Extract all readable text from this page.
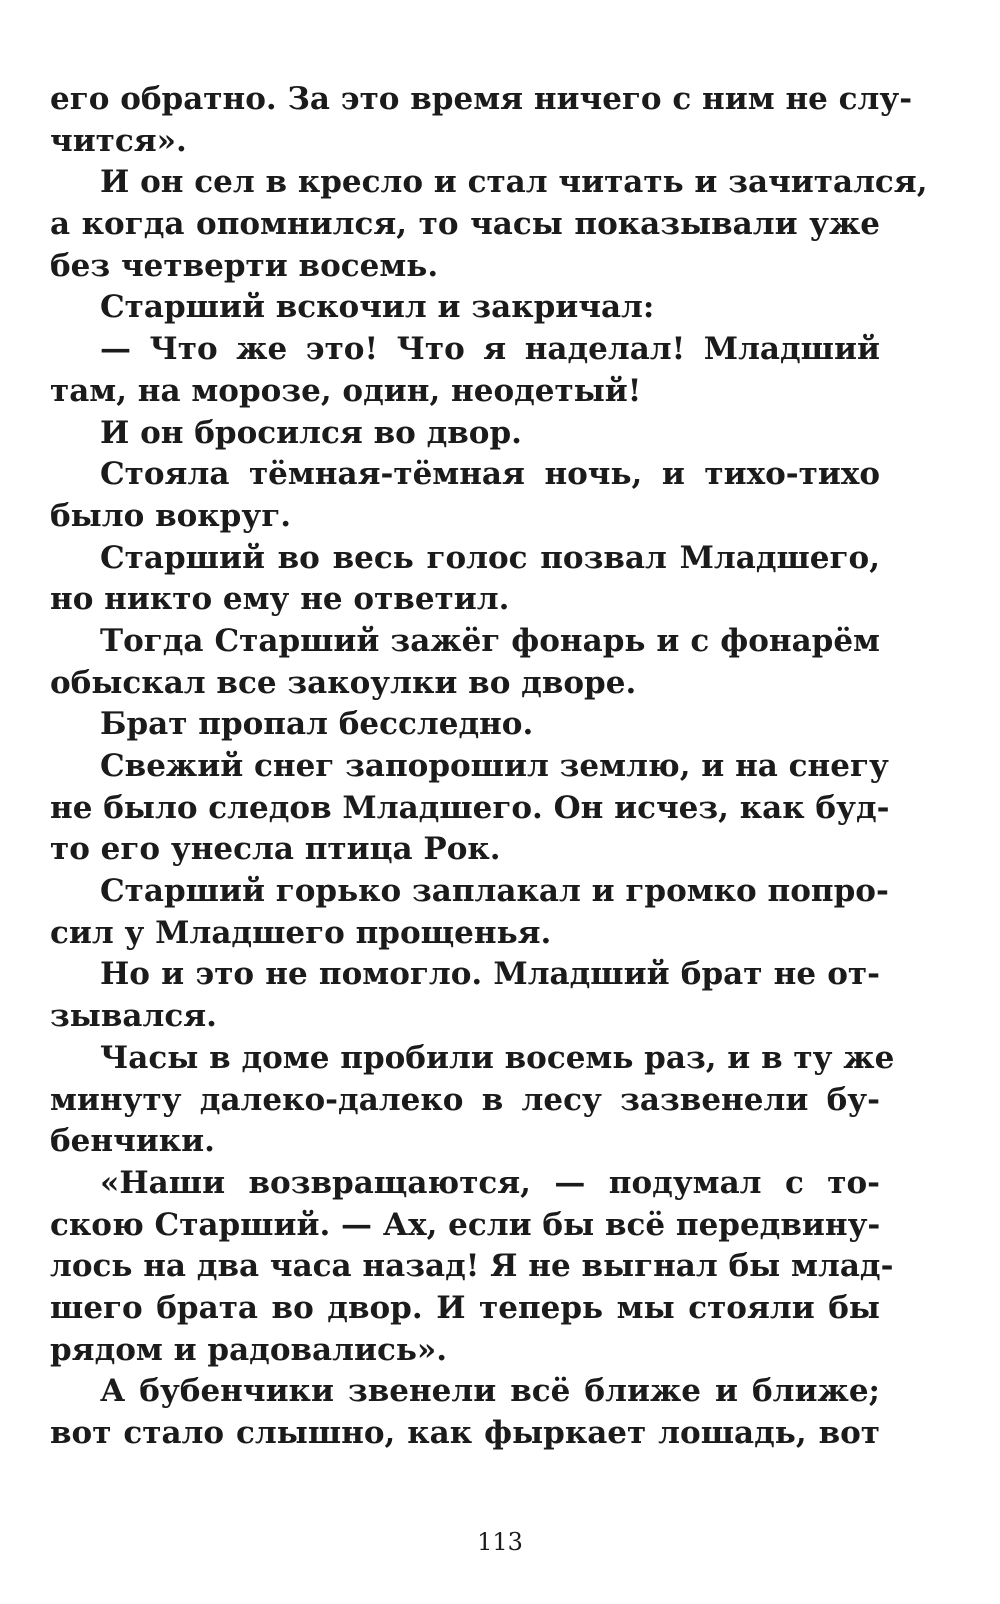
его обратно. За это время ничего с ним не слу-
чится».
И он сел в кресло и стал читать и зачитался,
а когда опомнился, то часы показывали уже
без четверти восемь.
Старший вскочил и закричал:
— Что же это! Что я наделал! Младший
там, на морозе, один, неодетый!
И он бросился во двор.
Стояла тёмная-тёмная ночь, и тихо-тихо
было вокруг.
Старший во весь голос позвал Младшего,
но никто ему не ответил.
Тогда Старший зажёг фонарь и с фонарём
обыскал все закоулки во дворе.
Брат пропал бесследно.
Свежий снег запорошил землю, и на снегу
не было следов Младшего. Он исчез, как буд-
то его унесла птица Рок.
Старший горько заплакал и громко попро-
сил у Младшего прощенья.
Но и это не помогло. Младший брат не от-
зывался.
Часы в доме пробили восемь раз, и в ту же
минуту далеко-далеко в лесу зазвенели бу-
бенчики.
«Наши возвращаются, — подумал с то-
скою Старший. — Ах, если бы всё передвину-
лось на два часа назад! Я не выгнал бы млад-
шего брата во двор. И теперь мы стояли бы
рядом и радовались».
А бубенчики звенели всё ближе и ближе;
вот стало слышно, как фыркает лошадь, вот
113
